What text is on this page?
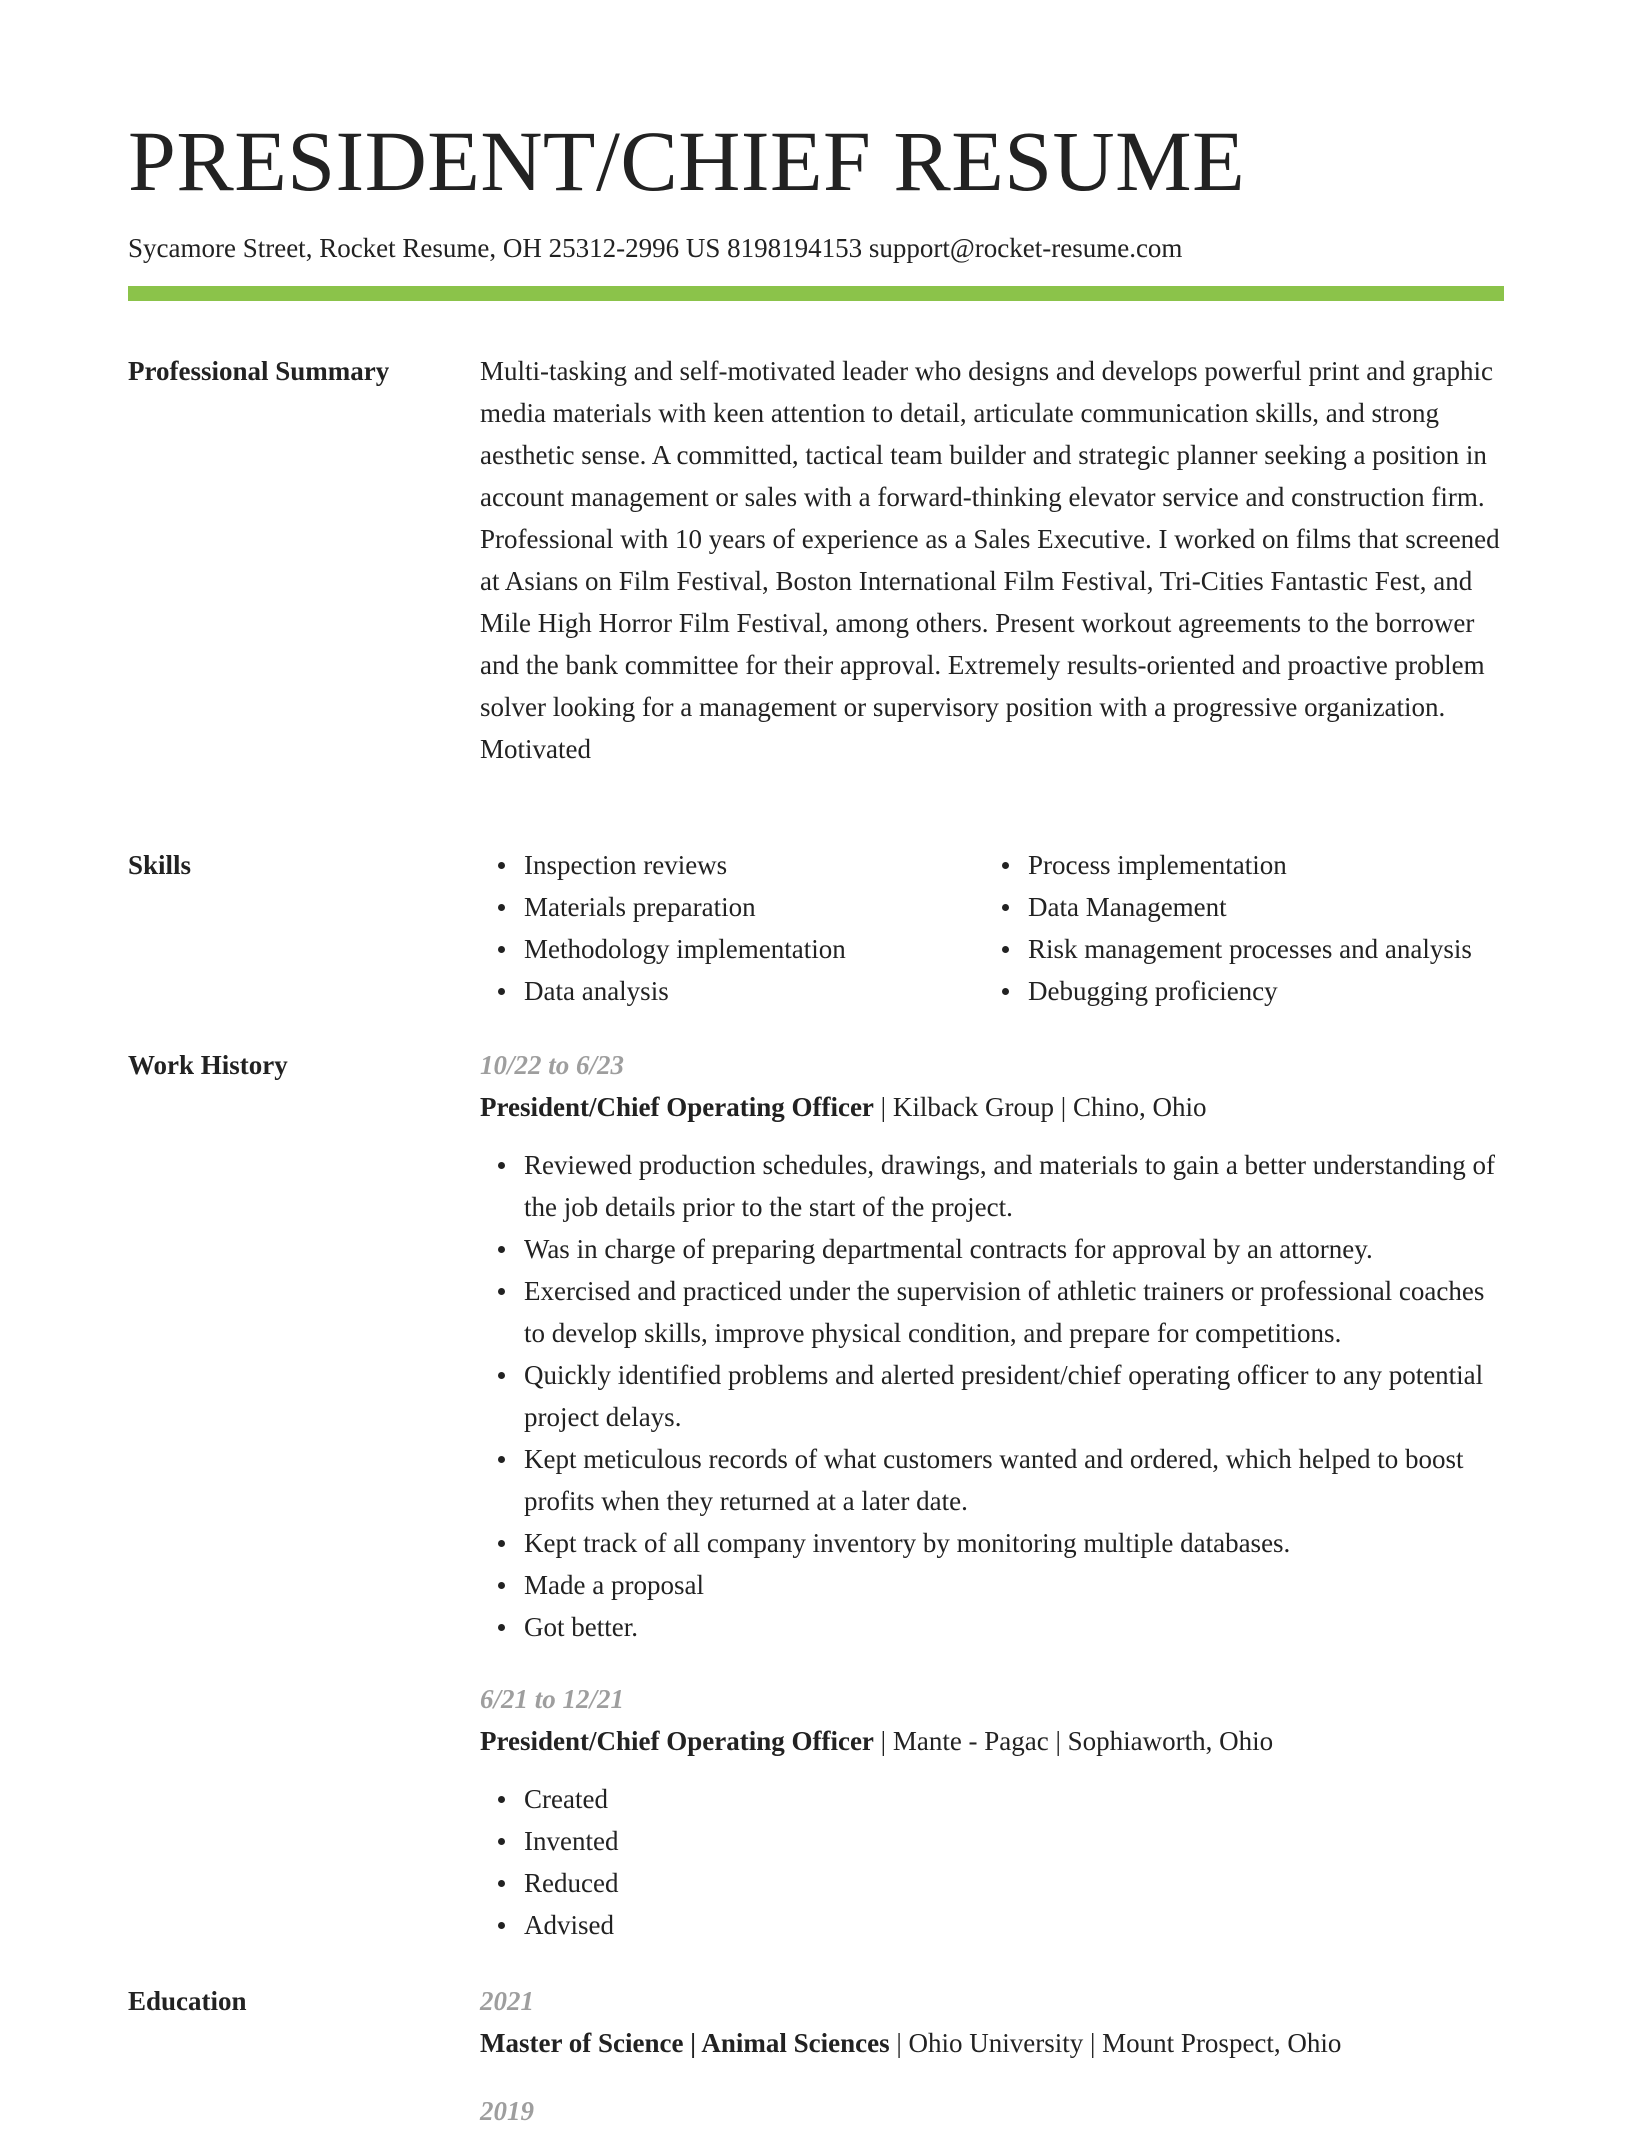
PRESIDENT/CHIEF RESUME
Sycamore Street, Rocket Resume, OH 25312-2996 US 8198194153 support@rocket-resume.com
Professional Summary	Multi-tasking and self-motivated leader who designs and develops powerful print and graphic media materials with keen attention to detail, articulate communication skills, and strong aesthetic sense. A committed, tactical team builder and strategic planner seeking a position in account management or sales with a forward-thinking elevator service and construction firm. Professional with 10 years of experience as a Sales Executive. I worked on films that screened at Asians on Film Festival, Boston International Film Festival, Tri-Cities Fantastic Fest, and Mile High Horror Film Festival, among others. Present workout agreements to the borrower and the bank committee for their approval. Extremely results-oriented and proactive problem solver looking for a management or supervisory position with a progressive organization. Motivated

Skills	Inspection reviews
Materials preparation
Methodology implementation
Data analysis
Process implementation
Data Management
Risk management processes and analysis
Debugging proficiency
Work History	10/22 to 6/23
President/Chief Operating Officer | Kilback Group | Chino, Ohio
Reviewed production schedules, drawings, and materials to gain a better understanding of the job details prior to the start of the project.
Was in charge of preparing departmental contracts for approval by an attorney.
Exercised and practiced under the supervision of athletic trainers or professional coaches to develop skills, improve physical condition, and prepare for competitions.
Quickly identified problems and alerted president/chief operating officer to any potential project delays.
Kept meticulous records of what customers wanted and ordered, which helped to boost profits when they returned at a later date.
Kept track of all company inventory by monitoring multiple databases.
Made a proposal
Got better.
6/21 to 12/21
President/Chief Operating Officer | Mante - Pagac | Sophiaworth, Ohio
Created
Invented
Reduced
Advised
Education	2021
Master of Science | Animal Sciences | Ohio University | Mount Prospect, Ohio
2019
